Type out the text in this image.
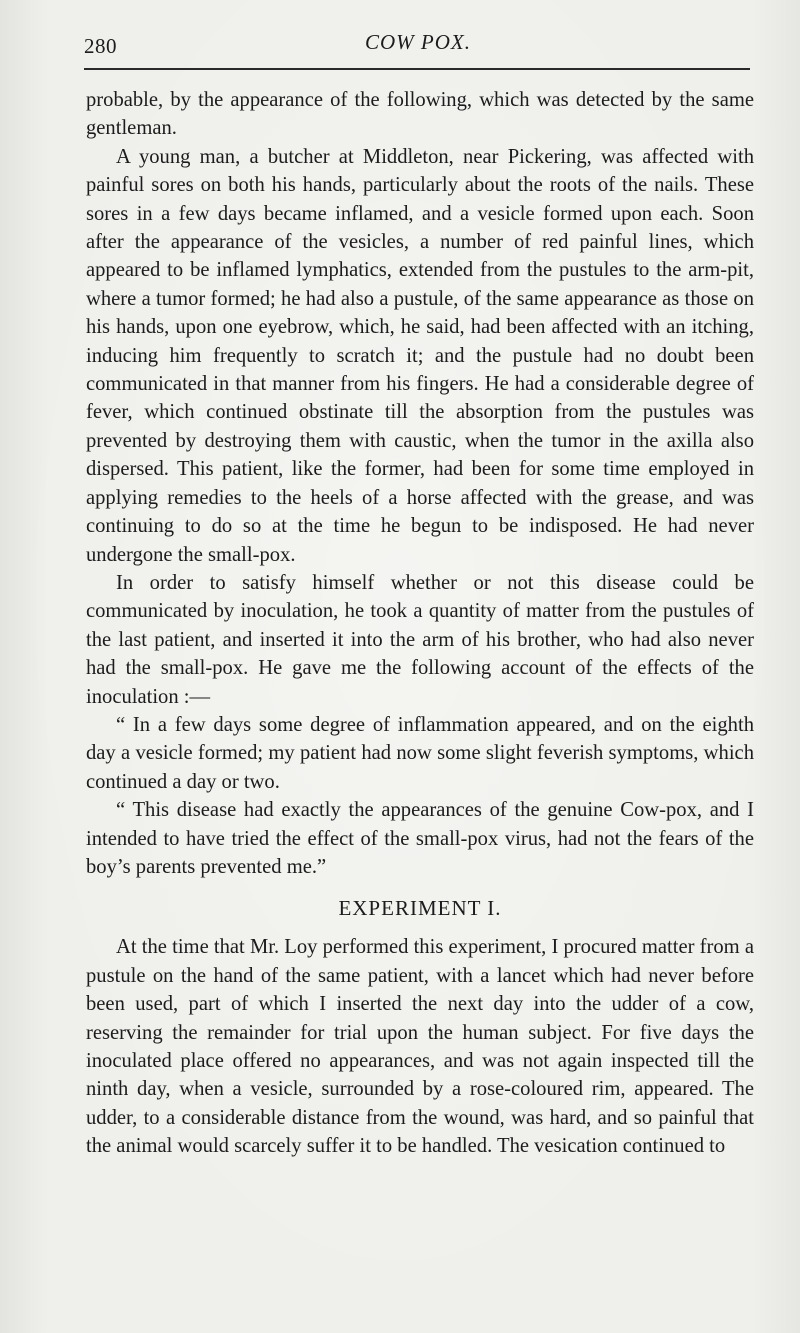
280	COW POX.

probable, by the appearance of the following, which was detected by the same gentleman.

A young man, a butcher at Middleton, near Pickering, was affected with painful sores on both his hands, particularly about the roots of the nails. These sores in a few days became inflamed, and a vesicle formed upon each. Soon after the appearance of the vesicles, a number of red painful lines, which appeared to be inflamed lymphatics, extended from the pustules to the arm-pit, where a tumor formed; he had also a pustule, of the same appearance as those on his hands, upon one eyebrow, which, he said, had been affected with an itching, inducing him frequently to scratch it; and the pustule had no doubt been communicated in that manner from his fingers. He had a considerable degree of fever, which continued obstinate till the absorption from the pustules was prevented by destroying them with caustic, when the tumor in the axilla also dispersed. This patient, like the former, had been for some time employed in applying remedies to the heels of a horse affected with the grease, and was continuing to do so at the time he begun to be indisposed. He had never undergone the small-pox.

In order to satisfy himself whether or not this disease could be communicated by inoculation, he took a quantity of matter from the pustules of the last patient, and inserted it into the arm of his brother, who had also never had the small-pox. He gave me the following account of the effects of the inoculation :—

“ In a few days some degree of inflammation appeared, and on the eighth day a vesicle formed; my patient had now some slight feverish symptoms, which continued a day or two.

“ This disease had exactly the appearances of the genuine Cow-pox, and I intended to have tried the effect of the small-pox virus, had not the fears of the boy’s parents prevented me.”

EXPERIMENT I.

At the time that Mr. Loy performed this experiment, I procured matter from a pustule on the hand of the same patient, with a lancet which had never before been used, part of which I inserted the next day into the udder of a cow, reserving the remainder for trial upon the human subject. For five days the inoculated place offered no appearances, and was not again inspected till the ninth day, when a vesicle, surrounded by a rose-coloured rim, appeared. The udder, to a considerable distance from the wound, was hard, and so painful that the animal would scarcely suffer it to be handled. The vesication continued to
